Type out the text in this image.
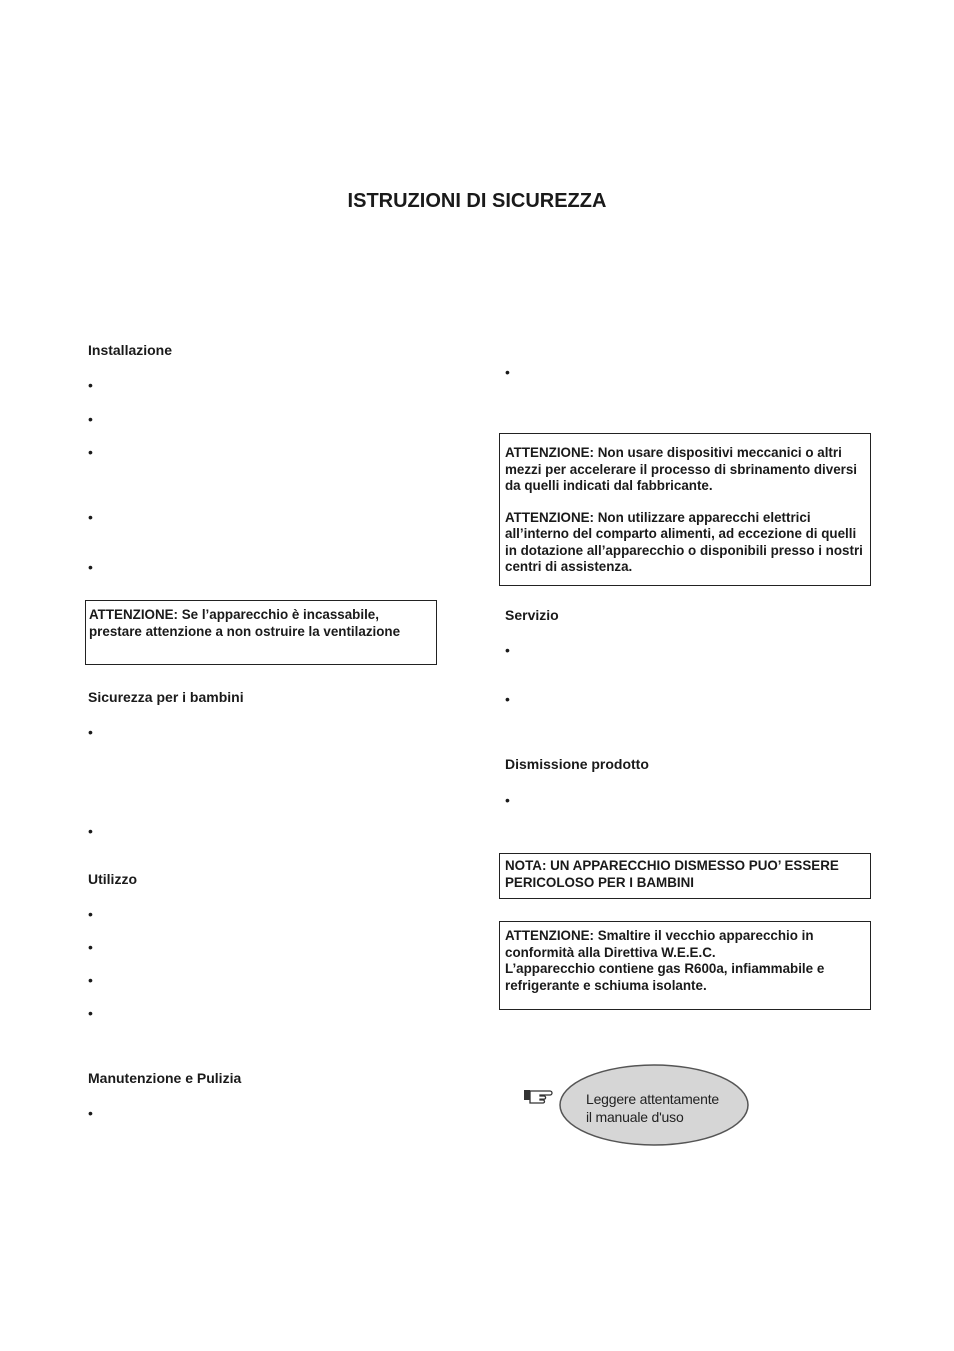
ISTRUZIONI DI SICUREZZA
Installazione
•
•
•
•
•

ATTENZIONE: Se l’apparecchio è incassabile, prestare attenzione a non ostruire la ventilazione

Sicurezza per i bambini
•
•
Utilizzo
•
•
•
•
Manutenzione e Pulizia
•
•

ATTENZIONE: Non usare dispositivi meccanici o altri mezzi per accelerare il processo di sbrinamento diversi da quelli indicati dal fabbricante.

ATTENZIONE: Non utilizzare apparecchi elettrici all’interno del comparto alimenti, ad eccezione di quelli in dotazione all’apparecchio o disponibili presso i nostri centri di assistenza.

Servizio
•
•
Dismissione prodotto
•

NOTA: UN APPARECCHIO DISMESSO PUO’ ESSERE PERICOLOSO PER I BAMBINI

ATTENZIONE: Smaltire il vecchio apparecchio in conformità alla Direttiva W.E.E.C.

L’apparecchio contiene gas R600a, infiammabile e refrigerante e schiuma isolante.

Leggere attentamente
il manuale d'uso
